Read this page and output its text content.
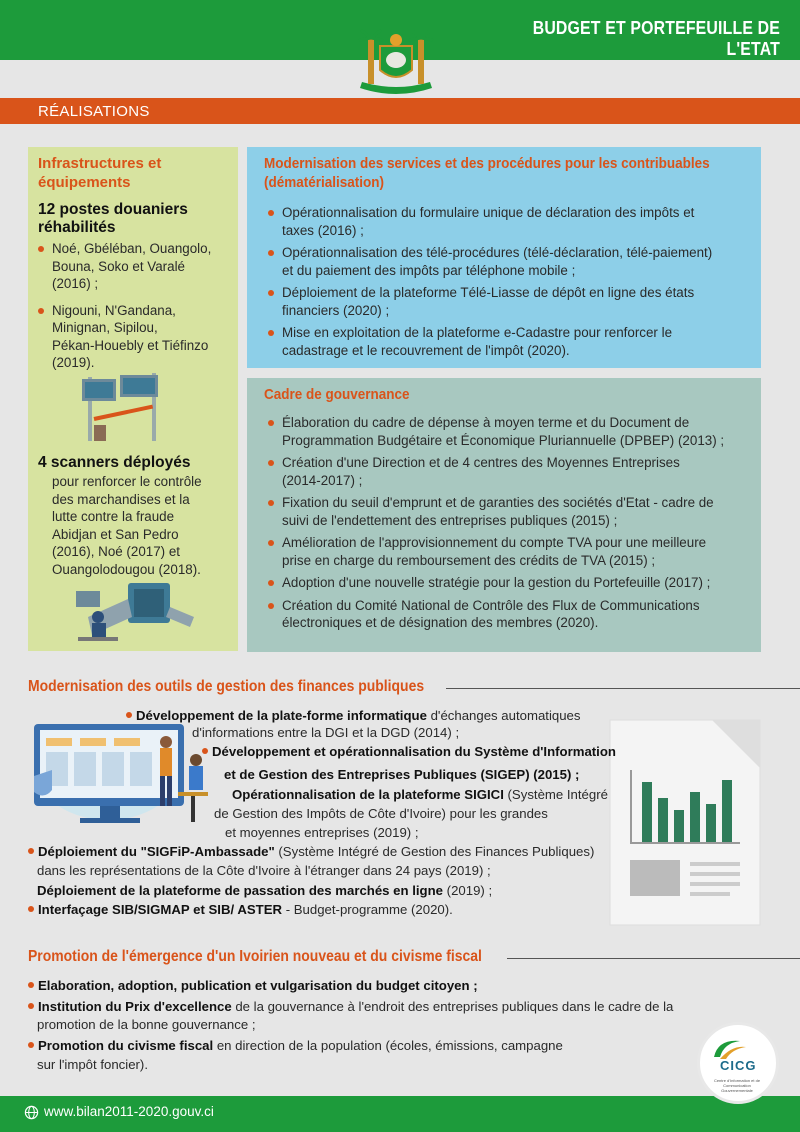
BUDGET ET PORTEFEUILLE DE L'ETAT
RÉALISATIONS
Infrastructures et
équipements
12 postes douaniers
réhabilités
Noé, Gbéléban, Ouangolo,
Bouna, Soko et Varalé
(2016) ;
Nigouni, N'Gandana,
Minignan, Sipilou,
Pékan-Houebly et Tiéfinzo
(2019).
4 scanners déployés
pour renforcer le contrôle
des marchandises et la
lutte contre la fraude
Abidjan et San Pedro
(2016), Noé (2017) et
Ouangolodougou (2018).
Modernisation des services et des procédures pour les contribuables
(dématérialisation)
Opérationnalisation du formulaire unique de déclaration des impôts et
taxes (2016) ;
Opérationnalisation des télé-procédures (télé-déclaration, télé-paiement)
et du paiement des impôts par téléphone mobile ;
Déploiement de la plateforme Télé-Liasse de dépôt en ligne des états
financiers (2020) ;
Mise en exploitation de la plateforme e-Cadastre pour renforcer le
cadastrage et le recouvrement de l'impôt (2020).
Cadre de gouvernance
Élaboration du cadre de dépense à moyen terme et du Document de
Programmation Budgétaire et Économique Pluriannuelle (DPBEP) (2013) ;
Création d'une Direction et de 4 centres des Moyennes Entreprises
(2014-2017) ;
Fixation du seuil d'emprunt et de garanties des sociétés d'Etat - cadre de
suivi de l'endettement des entreprises publiques (2015) ;
Amélioration de l'approvisionnement du compte TVA pour une meilleure
prise en charge du remboursement des crédits de TVA (2015) ;
Adoption d'une nouvelle stratégie pour la gestion du Portefeuille (2017) ;
Création du Comité National de Contrôle des Flux de Communications
électroniques et de désignation des membres (2020).
Modernisation des outils de gestion des finances publiques
Développement de la plate-forme informatique d'échanges automatiques
d'informations entre la DGI et la DGD (2014) ;
Développement et opérationnalisation du Système d'Information
et de Gestion des Entreprises Publiques (SIGEP) (2015) ;
Opérationnalisation de la plateforme SIGICI (Système Intégré
de Gestion des Impôts de Côte d'Ivoire) pour les grandes
et moyennes entreprises (2019) ;
Déploiement du "SIGFiP-Ambassade" (Système Intégré de Gestion des Finances Publiques)
dans les représentations de la Côte d'Ivoire à l'étranger dans 24 pays (2019) ;
Déploiement de la plateforme de passation des marchés en ligne (2019) ;
Interfaçage SIB/SIGMAP et SIB/ ASTER - Budget-programme (2020).
Promotion de l'émergence d'un Ivoirien nouveau et du civisme fiscal
Elaboration, adoption, publication et vulgarisation du budget citoyen ;
Institution du Prix d'excellence de la gouvernance à l'endroit des entreprises publiques dans le cadre de la
promotion de la bonne gouvernance ;
Promotion du civisme fiscal en direction de la population (écoles, émissions, campagne
sur l'impôt foncier).
www.bilan2011-2020.gouv.ci
CICG
Centre d'Information et de Communication Gouvernementale
